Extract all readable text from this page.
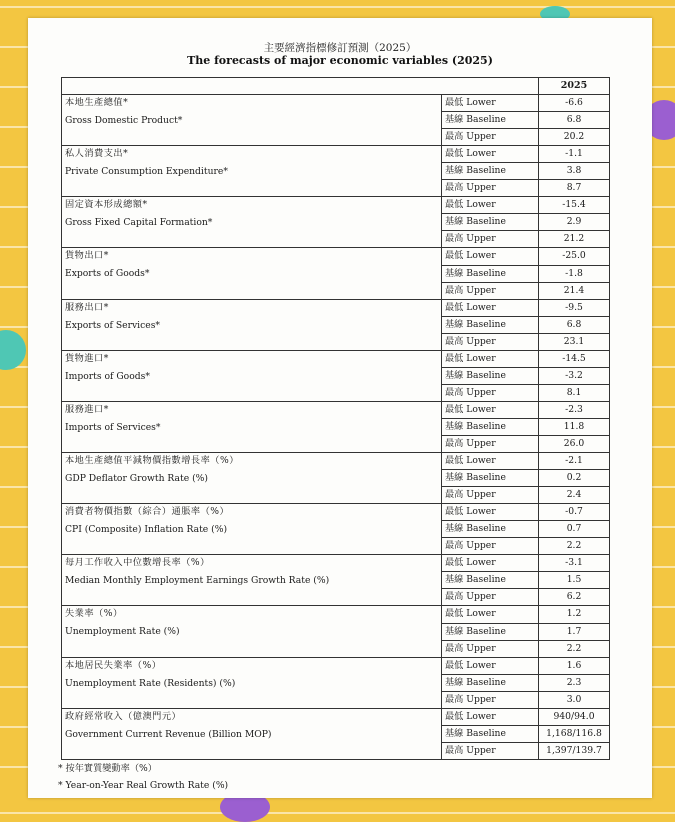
主要經濟指標修訂預測（2025）
The forecasts of major economic variables (2025)
		2025

本地生產總值*
Gross Domestic Product*	最低 Lower	-6.6
	基線 Baseline	6.8
	最高 Upper	20.2

私人消費支出*
Private Consumption Expenditure*	最低 Lower	-1.1
	基線 Baseline	3.8
	最高 Upper	8.7

固定資本形成總額*
Gross Fixed Capital Formation*	最低 Lower	-15.4
	基線 Baseline	2.9
	最高 Upper	21.2

貨物出口*
Exports of Goods*	最低 Lower	-25.0
	基線 Baseline	-1.8
	最高 Upper	21.4

服務出口*
Exports of Services*	最低 Lower	-9.5
	基線 Baseline	6.8
	最高 Upper	23.1

貨物進口*
Imports of Goods*	最低 Lower	-14.5
	基線 Baseline	-3.2
	最高 Upper	8.1

服務進口*
Imports of Services*	最低 Lower	-2.3
	基線 Baseline	11.8
	最高 Upper	26.0

本地生產總值平減物價指數增長率（%）
GDP Deflator Growth Rate (%)	最低 Lower	-2.1
	基線 Baseline	0.2
	最高 Upper	2.4

消費者物價指數（綜合）通脹率（%）
CPI (Composite) Inflation Rate (%)	最低 Lower	-0.7
	基線 Baseline	0.7
	最高 Upper	2.2

每月工作收入中位數增長率（%）
Median Monthly Employment Earnings Growth Rate (%)	最低 Lower	-3.1
	基線 Baseline	1.5
	最高 Upper	6.2

失業率（%）
Unemployment Rate (%)	最低 Lower	1.2
	基線 Baseline	1.7
	最高 Upper	2.2

本地居民失業率（%）
Unemployment Rate (Residents) (%)	最低 Lower	1.6
	基線 Baseline	2.3
	最高 Upper	3.0

政府經常收入（億澳門元）
Government Current Revenue (Billion MOP)	最低 Lower	940/94.0
	基線 Baseline	1,168/116.8
	最高 Upper	1,397/139.7
* 按年實質變動率（%）
* Year-on-Year Real Growth Rate (%)
